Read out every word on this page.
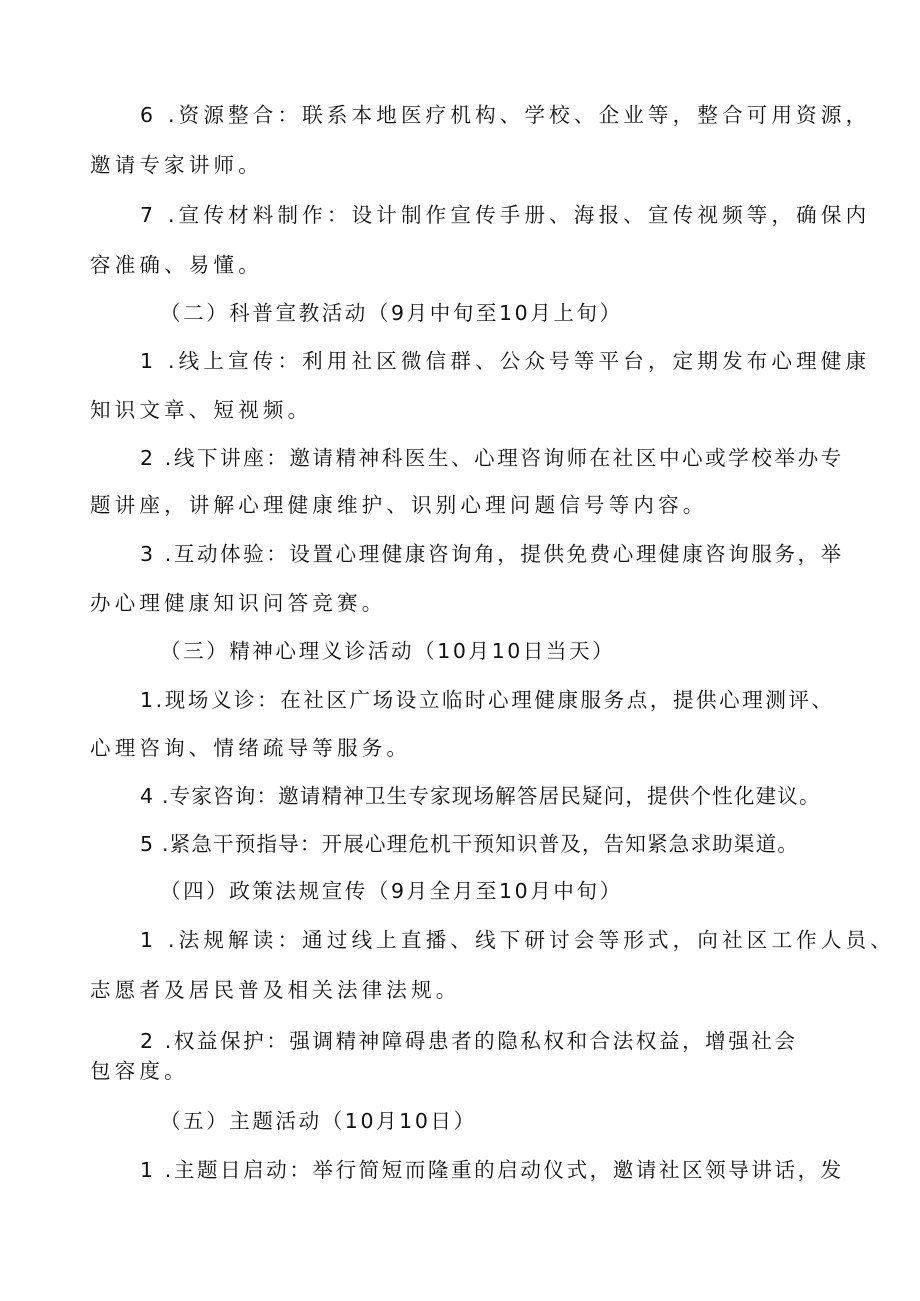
6 .资源整合：联系本地医疗机构、学校、企业等，整合可用资源，
邀请专家讲师。
7 .宣传材料制作：设计制作宣传手册、海报、宣传视频等，确保内
容准确、易懂。
（二）科普宣教活动（9月中旬至10月上旬）
1 .线上宣传：利用社区微信群、公众号等平台，定期发布心理健康
知识文章、短视频。
2 .线下讲座：邀请精神科医生、心理咨询师在社区中心或学校举办专
题讲座，讲解心理健康维护、识别心理问题信号等内容。
3 .互动体验：设置心理健康咨询角，提供免费心理健康咨询服务，举
办心理健康知识问答竞赛。
（三）精神心理义诊活动（10月10日当天）
1.现场义诊：在社区广场设立临时心理健康服务点，提供心理测评、
心理咨询、情绪疏导等服务。
4 .专家咨询：邀请精神卫生专家现场解答居民疑问，提供个性化建议。
5 .紧急干预指导：开展心理危机干预知识普及，告知紧急求助渠道。
（四）政策法规宣传（9月全月至10月中旬）
1 .法规解读：通过线上直播、线下研讨会等形式，向社区工作人员、
志愿者及居民普及相关法律法规。
2 .权益保护：强调精神障碍患者的隐私权和合法权益，增强社会
包容度。
（五）主题活动（10月10日）
1 .主题日启动：举行简短而隆重的启动仪式，邀请社区领导讲话，发
